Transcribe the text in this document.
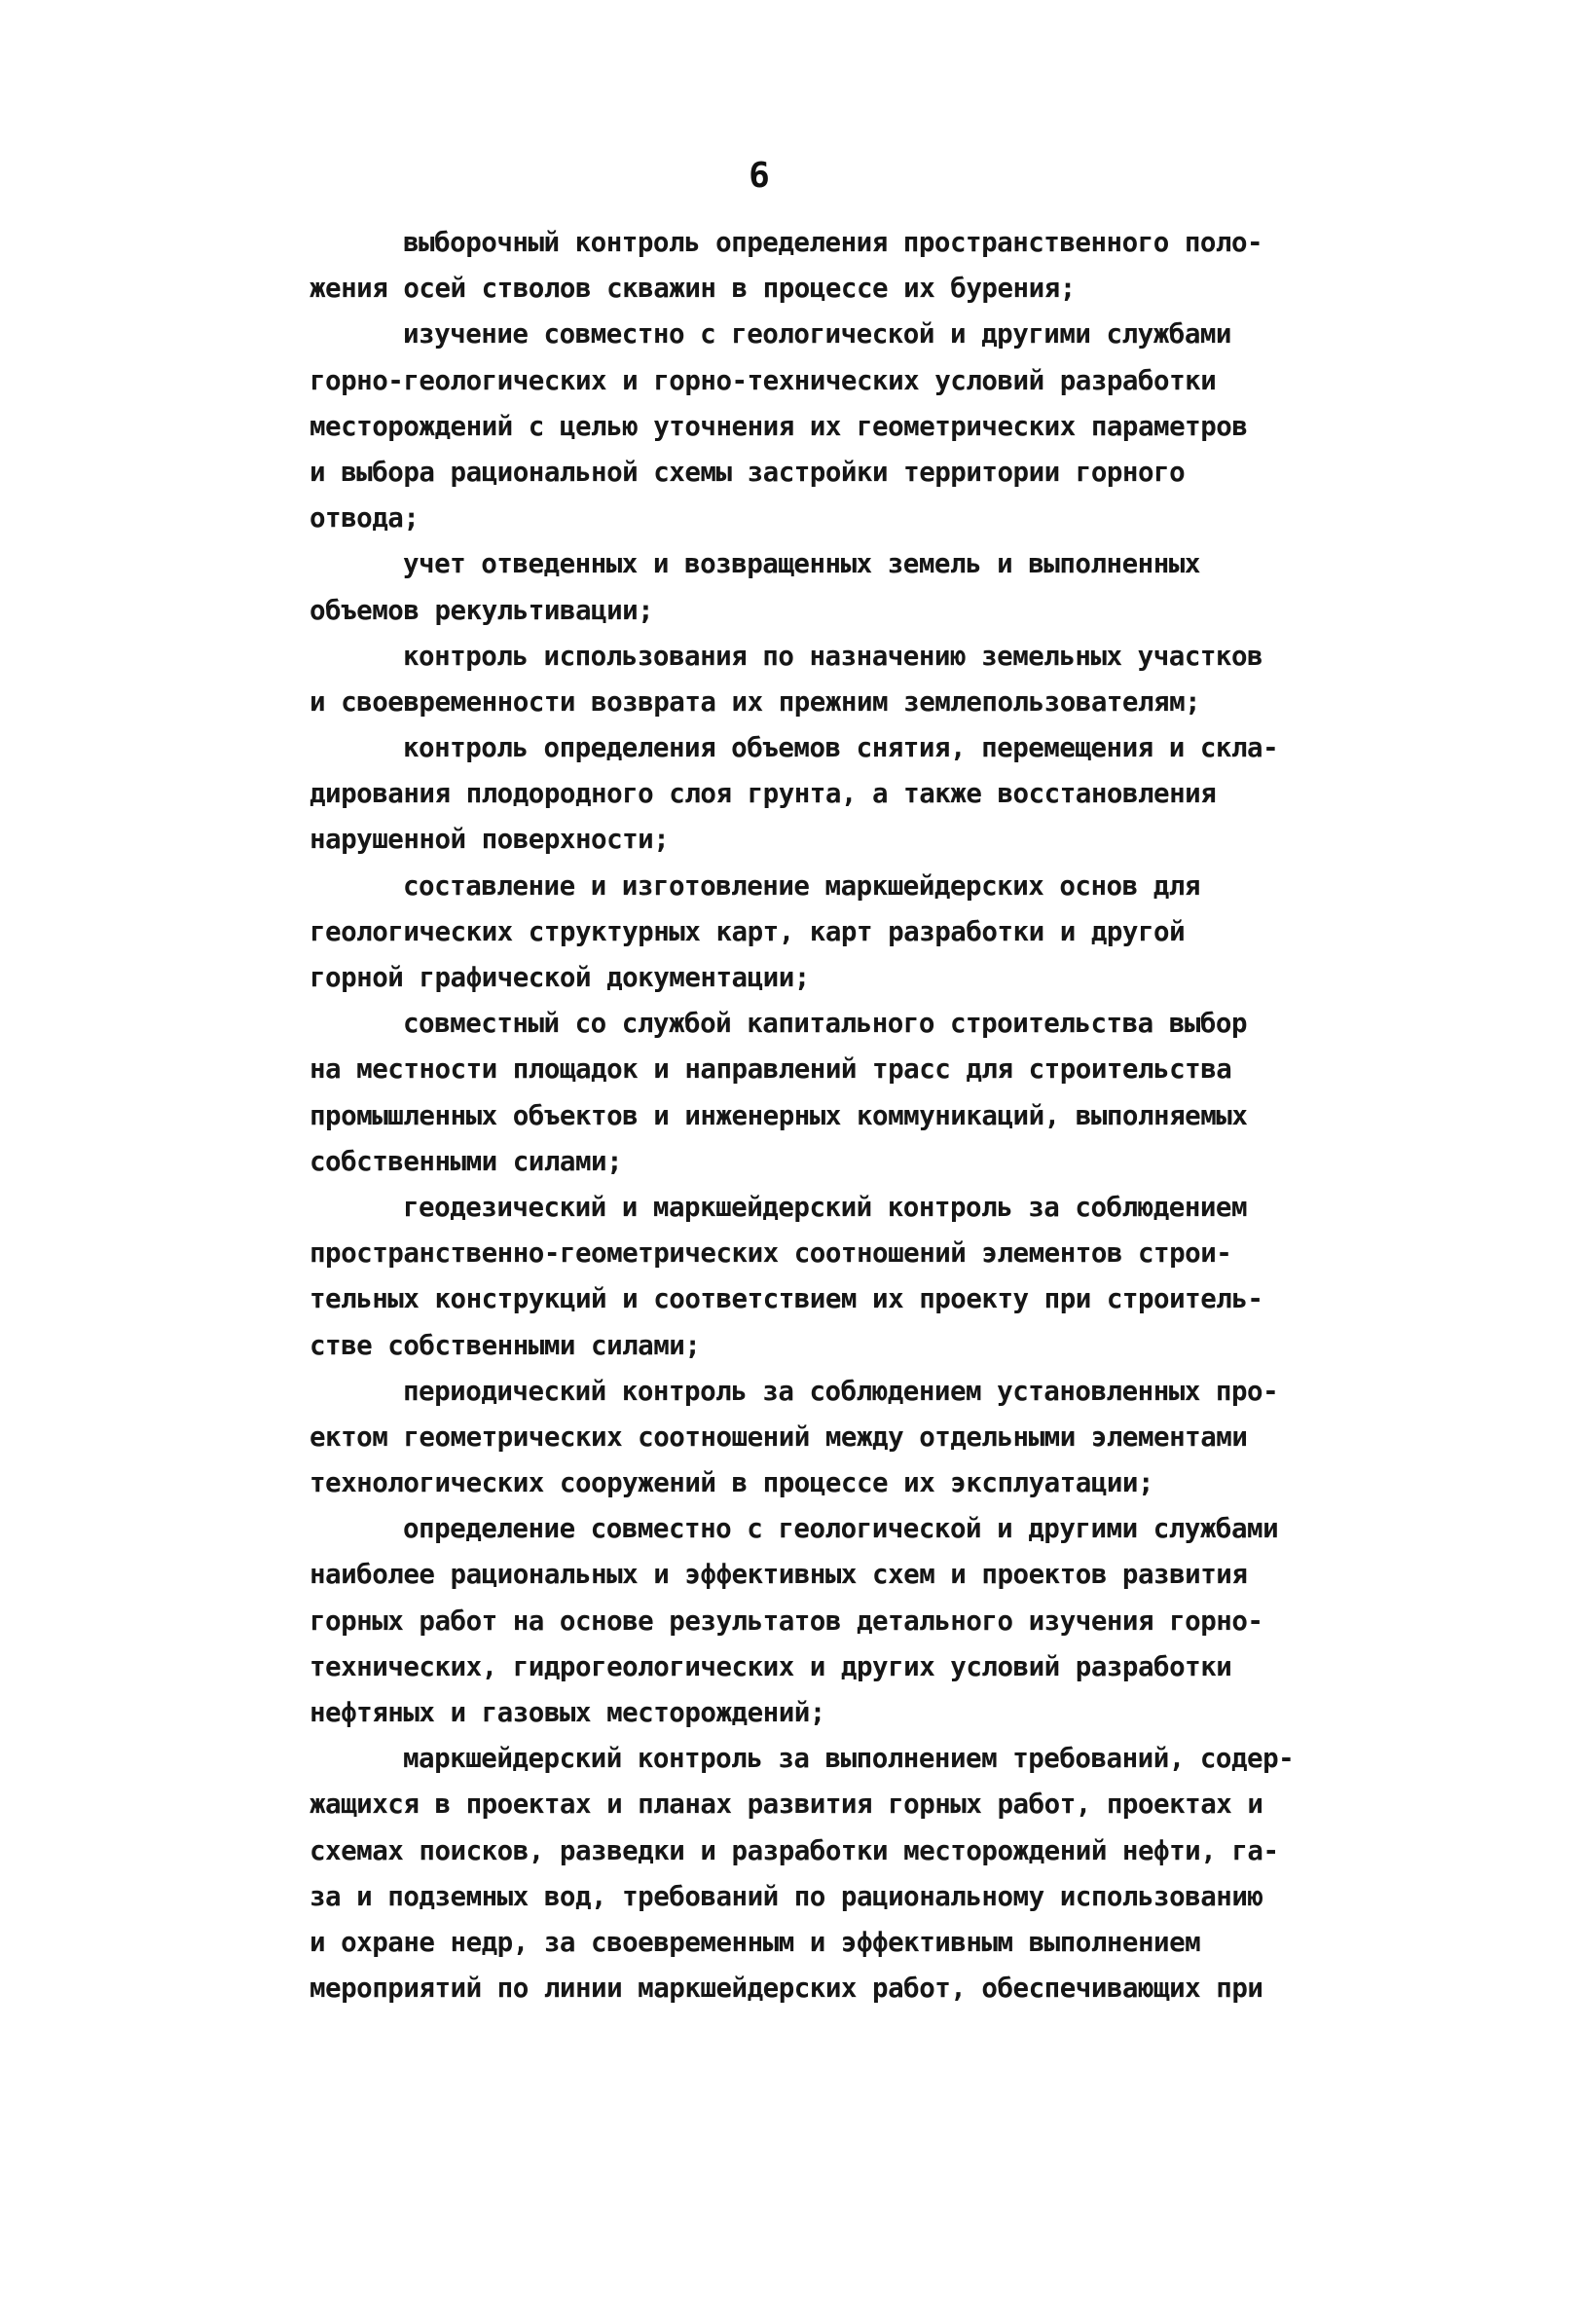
6
выборочный контроль определения пространственного поло-
жения осей стволов скважин в процессе их бурения;
изучение совместно с геологической и другими службами
горно-геологических и горно-технических условий разработки
месторождений с целью уточнения их геометрических параметров
и выбора рациональной схемы застройки территории горного
отвода;
учет отведенных и возвращенных земель и выполненных
объемов рекультивации;
контроль использования по назначению земельных участков
и своевременности возврата их прежним землепользователям;
контроль определения объемов снятия, перемещения и скла-
дирования плодородного слоя грунта, а также восстановления
нарушенной поверхности;
составление и изготовление маркшейдерских основ для
геологических структурных карт, карт разработки и другой
горной графической документации;
совместный со службой капитального строительства выбор
на местности площадок и направлений трасс для строительства
промышленных объектов и инженерных коммуникаций, выполняемых
собственными силами;
геодезический и маркшейдерский контроль за соблюдением
пространственно-геометрических соотношений элементов строи-
тельных конструкций и соответствием их проекту при строитель-
стве собственными силами;
периодический контроль за соблюдением установленных про-
ектом геометрических соотношений между отдельными элементами
технологических сооружений в процессе их эксплуатации;
определение совместно с геологической и другими службами
наиболее рациональных и эффективных схем и проектов развития
горных работ на основе результатов детального изучения горно-
технических, гидрогеологических и других условий разработки
нефтяных и газовых месторождений;
маркшейдерский контроль за выполнением требований, содер-
жащихся в проектах и планах развития горных работ, проектах и
схемах поисков, разведки и разработки месторождений нефти, га-
за и подземных вод, требований по рациональному использованию
и охране недр, за своевременным и эффективным выполнением
мероприятий по линии маркшейдерских работ, обеспечивающих при
